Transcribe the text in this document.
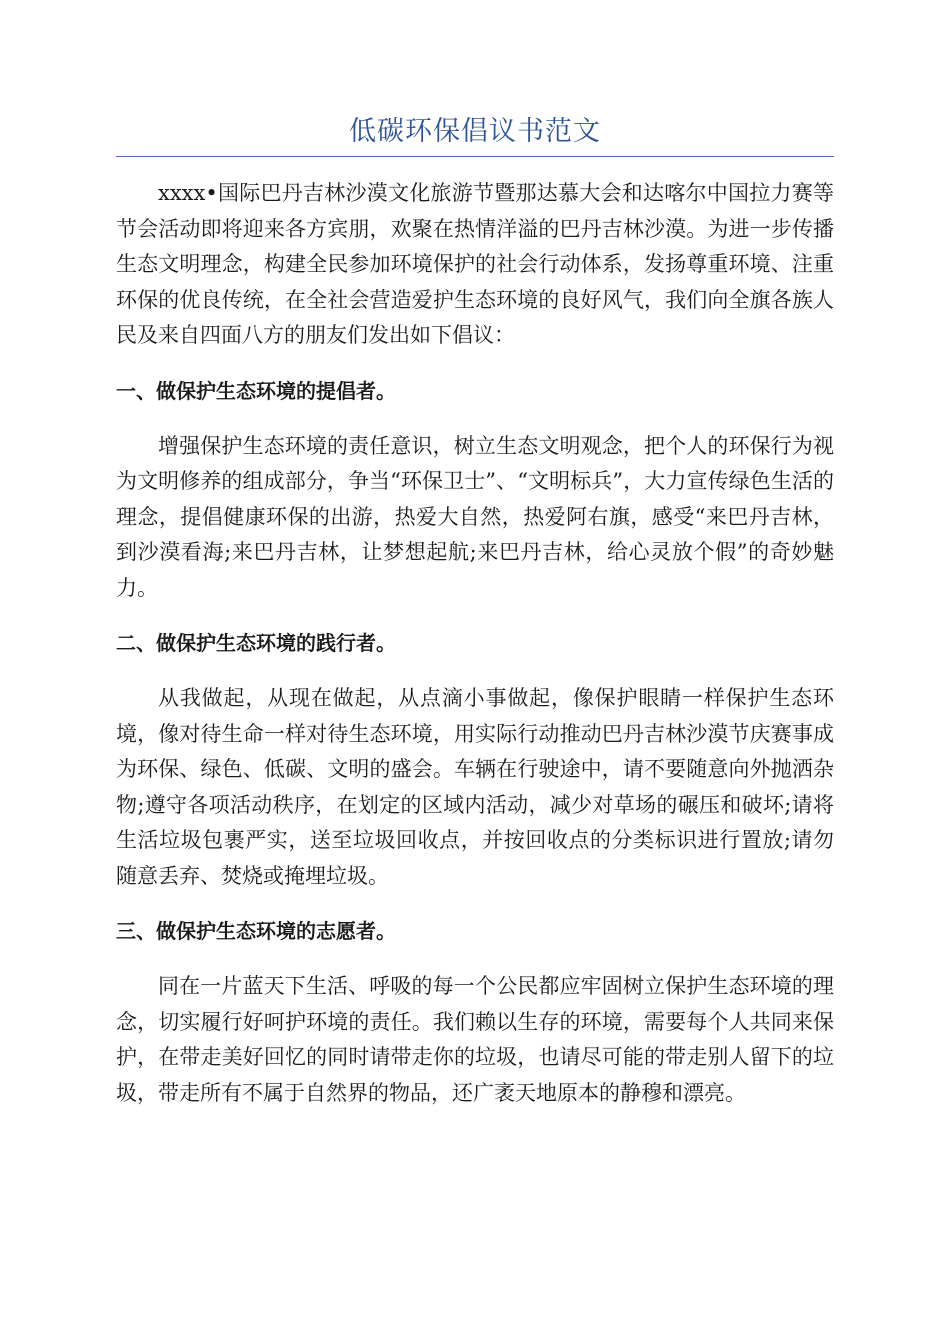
低碳环保倡议书范文

xxxx•国际巴丹吉林沙漠文化旅游节暨那达慕大会和达喀尔中国拉力赛等节会活动即将迎来各方宾朋，欢聚在热情洋溢的巴丹吉林沙漠。为进一步传播生态文明理念，构建全民参加环境保护的社会行动体系，发扬尊重环境、注重环保的优良传统，在全社会营造爱护生态环境的良好风气，我们向全旗各族人民及来自四面八方的朋友们发出如下倡议：

一、做保护生态环境的提倡者。

增强保护生态环境的责任意识，树立生态文明观念，把个人的环保行为视为文明修养的组成部分，争当“环保卫士”、“文明标兵”，大力宣传绿色生活的理念，提倡健康环保的出游，热爱大自然，热爱阿右旗，感受“来巴丹吉林，到沙漠看海;来巴丹吉林，让梦想起航;来巴丹吉林，给心灵放个假”的奇妙魅力。

二、做保护生态环境的践行者。

从我做起，从现在做起，从点滴小事做起，像保护眼睛一样保护生态环境，像对待生命一样对待生态环境，用实际行动推动巴丹吉林沙漠节庆赛事成为环保、绿色、低碳、文明的盛会。车辆在行驶途中，请不要随意向外抛洒杂物;遵守各项活动秩序，在划定的区域内活动，减少对草场的碾压和破坏;请将生活垃圾包裹严实，送至垃圾回收点，并按回收点的分类标识进行置放;请勿随意丢弃、焚烧或掩埋垃圾。

三、做保护生态环境的志愿者。

同在一片蓝天下生活、呼吸的每一个公民都应牢固树立保护生态环境的理念，切实履行好呵护环境的责任。我们赖以生存的环境，需要每个人共同来保护，在带走美好回忆的同时请带走你的垃圾，也请尽可能的带走别人留下的垃圾，带走所有不属于自然界的物品，还广袤天地原本的静穆和漂亮。
